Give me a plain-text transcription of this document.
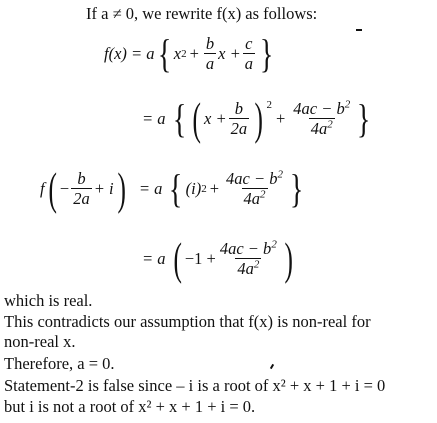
If a ≠ 0, we rewrite f(x) as follows:
f(x) = a { x $2 + \frac{b}{a}$ $x + \frac{c}{a}$ }
= a { ( $x + \frac{b}{2a}$ ) $^2$
+ $\frac{4ac - b^2}{4a^2}$ }
f ( − $\frac{b}{2a} + i$ ) = a { (i) $2 + \frac{4ac - b^2}{4a^2}$ }
= a ( $-1 + \frac{4ac - b^2}{4a^2}$ )
which is real.
This contradicts our assumption that f(x) is non-real for
non-real x.
Therefore, a = 0.
Statement-2 is false since – i is a root of x² + x + 1 + i = 0
but i is not a root of x² + x + 1 + i = 0.
